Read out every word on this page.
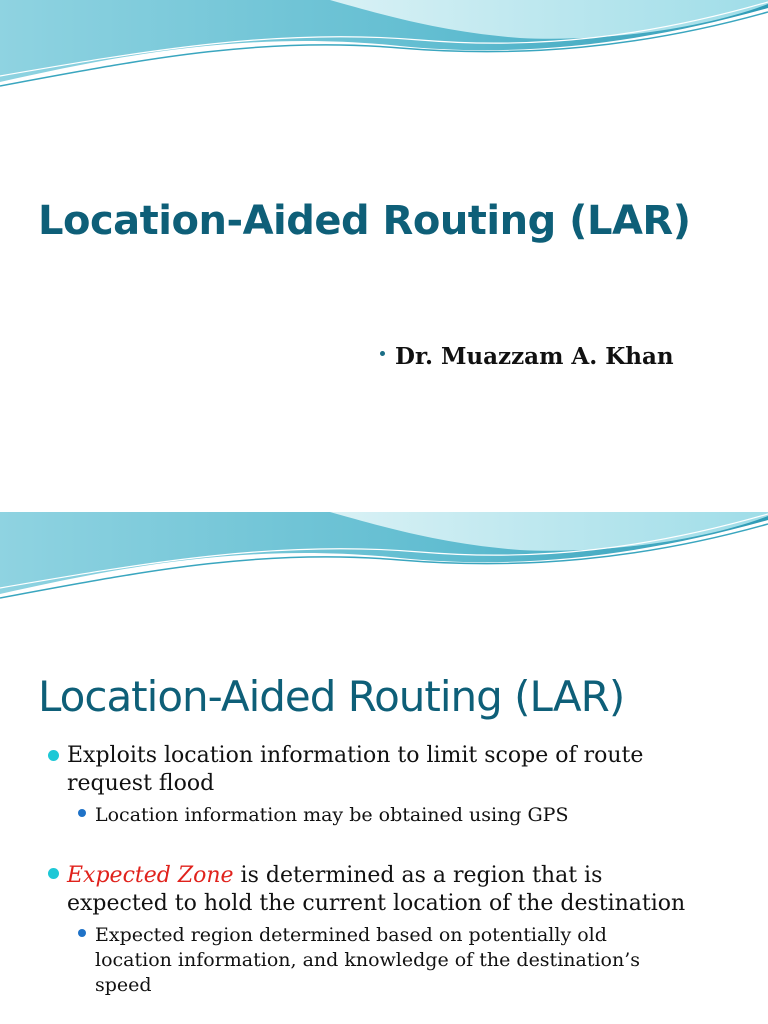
Location-Aided Routing (LAR)
Dr. Muazzam A. Khan
Location-Aided Routing (LAR)
Exploits location information to limit scope of route
request flood
Location information may be obtained using GPS
Expected Zone is determined as a region that is
expected to hold the current location of the destination
Expected region determined based on potentially old
location information, and knowledge of the destination’s
speed
